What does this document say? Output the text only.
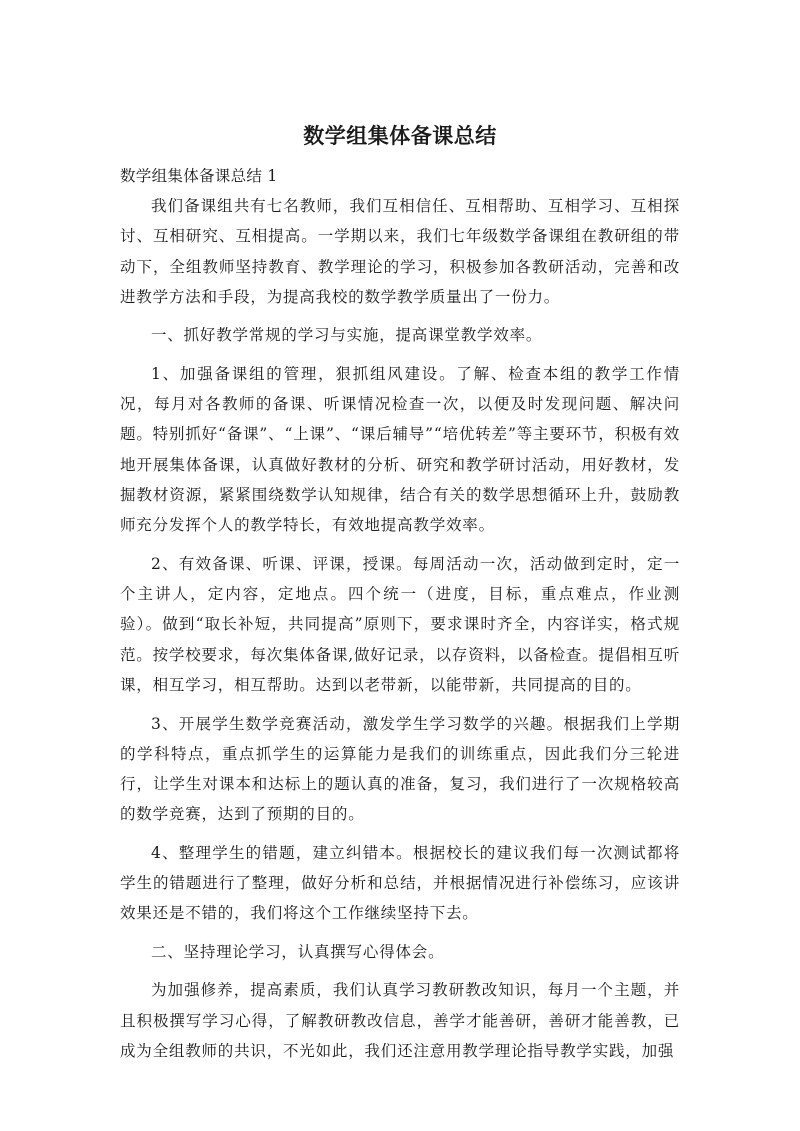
数学组集体备课总结

数学组集体备课总结 1

我们备课组共有七名教师，我们互相信任、互相帮助、互相学习、互相探讨、互相研究、互相提高。一学期以来，我们七年级数学备课组在教研组的带动下，全组教师坚持教育、教学理论的学习，积极参加各教研活动，完善和改进教学方法和手段，为提高我校的数学教学质量出了一份力。

一、抓好教学常规的学习与实施，提高课堂教学效率。

1、加强备课组的管理，狠抓组风建设。了解、检查本组的教学工作情况，每月对各教师的备课、听课情况检查一次，以便及时发现问题、解决问题。特别抓好“备课”、“上课”、“课后辅导”“培优转差”等主要环节，积极有效地开展集体备课，认真做好教材的分析、研究和教学研讨活动，用好教材，发掘教材资源，紧紧围绕数学认知规律，结合有关的数学思想循环上升，鼓励教师充分发挥个人的教学特长，有效地提高教学效率。

2、有效备课、听课、评课，授课。每周活动一次，活动做到定时，定一个主讲人，定内容，定地点。四个统一（进度，目标，重点难点，作业测验）。做到“取长补短，共同提高”原则下，要求课时齐全，内容详实，格式规范。按学校要求，每次集体备课,做好记录，以存资料，以备检查。提倡相互听课，相互学习，相互帮助。达到以老带新，以能带新，共同提高的目的。

3、开展学生数学竞赛活动，激发学生学习数学的兴趣。根据我们上学期的学科特点，重点抓学生的运算能力是我们的训练重点，因此我们分三轮进行，让学生对课本和达标上的题认真的准备，复习，我们进行了一次规格较高的数学竞赛，达到了预期的目的。

4、整理学生的错题，建立纠错本。根据校长的建议我们每一次测试都将学生的错题进行了整理，做好分析和总结，并根据情况进行补偿练习，应该讲效果还是不错的，我们将这个工作继续坚持下去。

二、坚持理论学习，认真撰写心得体会。

为加强修养，提高素质，我们认真学习教研教改知识，每月一个主题，并且积极撰写学习心得，了解教研教改信息，善学才能善研，善研才能善教，已成为全组教师的共识，不光如此，我们还注意用教学理论指导教学实践，加强
